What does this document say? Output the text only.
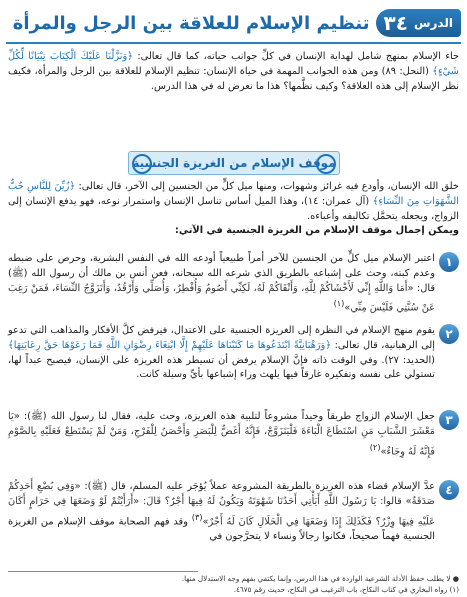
الدرس
٣٤
تنظيم الإسلام للعلاقة بين الرجل والمرأة
جاء الإسلام بمنهج شامل لهداية الإنسان في كلِّ جوانب حياته، كما قال تعالى: ﴿وَنَزَّلْنَا عَلَيْكَ الْكِتَابَ تِبْيَانًا لِّكُلِّ شَيْءٍ﴾ (النحل: ٨٩) ومن هذه الجوانب المهمة في حياة الإنسان: تنظيم الإسلام للعلاقة بين الرجل والمرأة، فكيف نظر الإسلام إلى هذه العلاقة؟ وكيف نظَّمها؟ هذا ما نعرض له في هذا الدرس.
موقف الإسلام من الغريزة الجنسية
خلق الله الإنسان، وأودع فيه غرائز وشهوات، ومنها ميل كلٍّ من الجنسين إلى الآخر، قال تعالى: ﴿زُيِّنَ لِلنَّاسِ حُبُّ الشَّهَوَاتِ مِنَ النِّسَاءِ﴾ (آل عمران: ١٤)، وهذا الميل أساس تناسل الإنسان واستمرار نوعه، فهو يدفع الإنسان إلى الزواج، ويجعله يتحمَّل تكاليفه وأعباءه.
ويمكن إجمال موقف الإسلام من الغريزة الجنسية في الآتي:
١
اعتبر الإسلام ميل كلٍّ من الجنسين للآخر أمراً طبيعياً أودعه الله في النفس البشرية، وحرص على ضبطه وعدم كبته، وحث على إشباعه بالطريق الذي شرعه الله سبحانه، فعن أنس بن مالك أن رسول الله (ﷺ) قال: «أَمَا وَاللَّهِ إِنِّي لَأَخْشَاكُمْ لِلَّهِ، وَأَتْقَاكُمْ لَهُ، لَكِنِّي أَصُومُ وَأُفْطِرُ، وَأُصَلِّي وَأَرْقُدُ، وَأَتَزَوَّجُ النِّسَاءَ، فَمَنْ رَغِبَ عَنْ سُنَّتِي فَلَيْسَ مِنِّي»$^{(١)}$
٢
يقوم منهج الإسلام في النظرة إلى الغريزة الجنسية على الاعتدال، فيرفض كلَّ الأفكار والمذاهب التي تدعو إلى الرهبانية، قال تعالى: ﴿وَرَهْبَانِيَّةً ابْتَدَعُوهَا مَا كَتَبْنَاهَا عَلَيْهِمْ إِلَّا ابْتِغَاءَ رِضْوَانِ اللَّهِ فَمَا رَعَوْهَا حَقَّ رِعَايَتِهَا﴾ (الحديد: ٢٧). وفي الوقت ذاته فإنَّ الإسلام يرفض أن تسيطر هذه الغريزة على الإنسان، فيصبح عبداً لها، تستولي على نفسه وتفكيره غارقاً فيها يلهث وراء إشباعها بأيِّ وسيلة كانت.
٣
جعل الإسلام الزواج طريقاً وحيداً مشروعاً لتلبية هذه الغريزة، وحث عليه، فقال لنا رسول الله (ﷺ): «يَا مَعْشَرَ الشَّبَابِ مَنِ اسْتَطَاعَ الْبَاءَةَ فَلْيَتَزَوَّجْ، فَإِنَّهُ أَغَضُّ لِلْبَصَرِ وَأَحْصَنُ لِلْفَرْجِ، وَمَنْ لَمْ يَسْتَطِعْ فَعَلَيْهِ بِالصَّوْمِ فَإِنَّهُ لَهُ وِجَاءٌ»$^{(٢)}$
٤
عدَّ الإسلام قضاء هذه الغريزة بالطريقة المشروعة عملاً يُؤجَر عليه المسلم، قال (ﷺ): «وَفِي بُضْعِ أَحَدِكُمْ صَدَقَةٌ» قالوا: يَا رَسُولَ اللَّهِ أَيَأْتِي أَحَدُنَا شَهْوَتَهُ وَيَكُونُ لَهُ فِيهَا أَجْرٌ؟ قَالَ: «أَرَأَيْتُمْ لَوْ وَضَعَهَا فِي حَرَامٍ أَكَانَ عَلَيْهِ فِيهَا وِزْرٌ؟ فَكَذَلِكَ إِذَا وَضَعَهَا فِي الْحَلَالِ كَانَ لَهُ أَجْرٌ»$^{(٣)}$ وقد فهم الصحابة موقف الإسلام من الغريزة الجنسية فهماً صحيحاً، فكانوا رجالاً ونساء لا يتحرَّجون في
● لا يطلب حفظ الأدلة الشرعية الواردة في هذا الدرس، وإنما يكتفي بفهم وجه الاستدلال منها.
(١) رواه البخاري في كتاب النكاح، باب الترغيب في النكاح، حديث رقم ٤٦٧٥.
